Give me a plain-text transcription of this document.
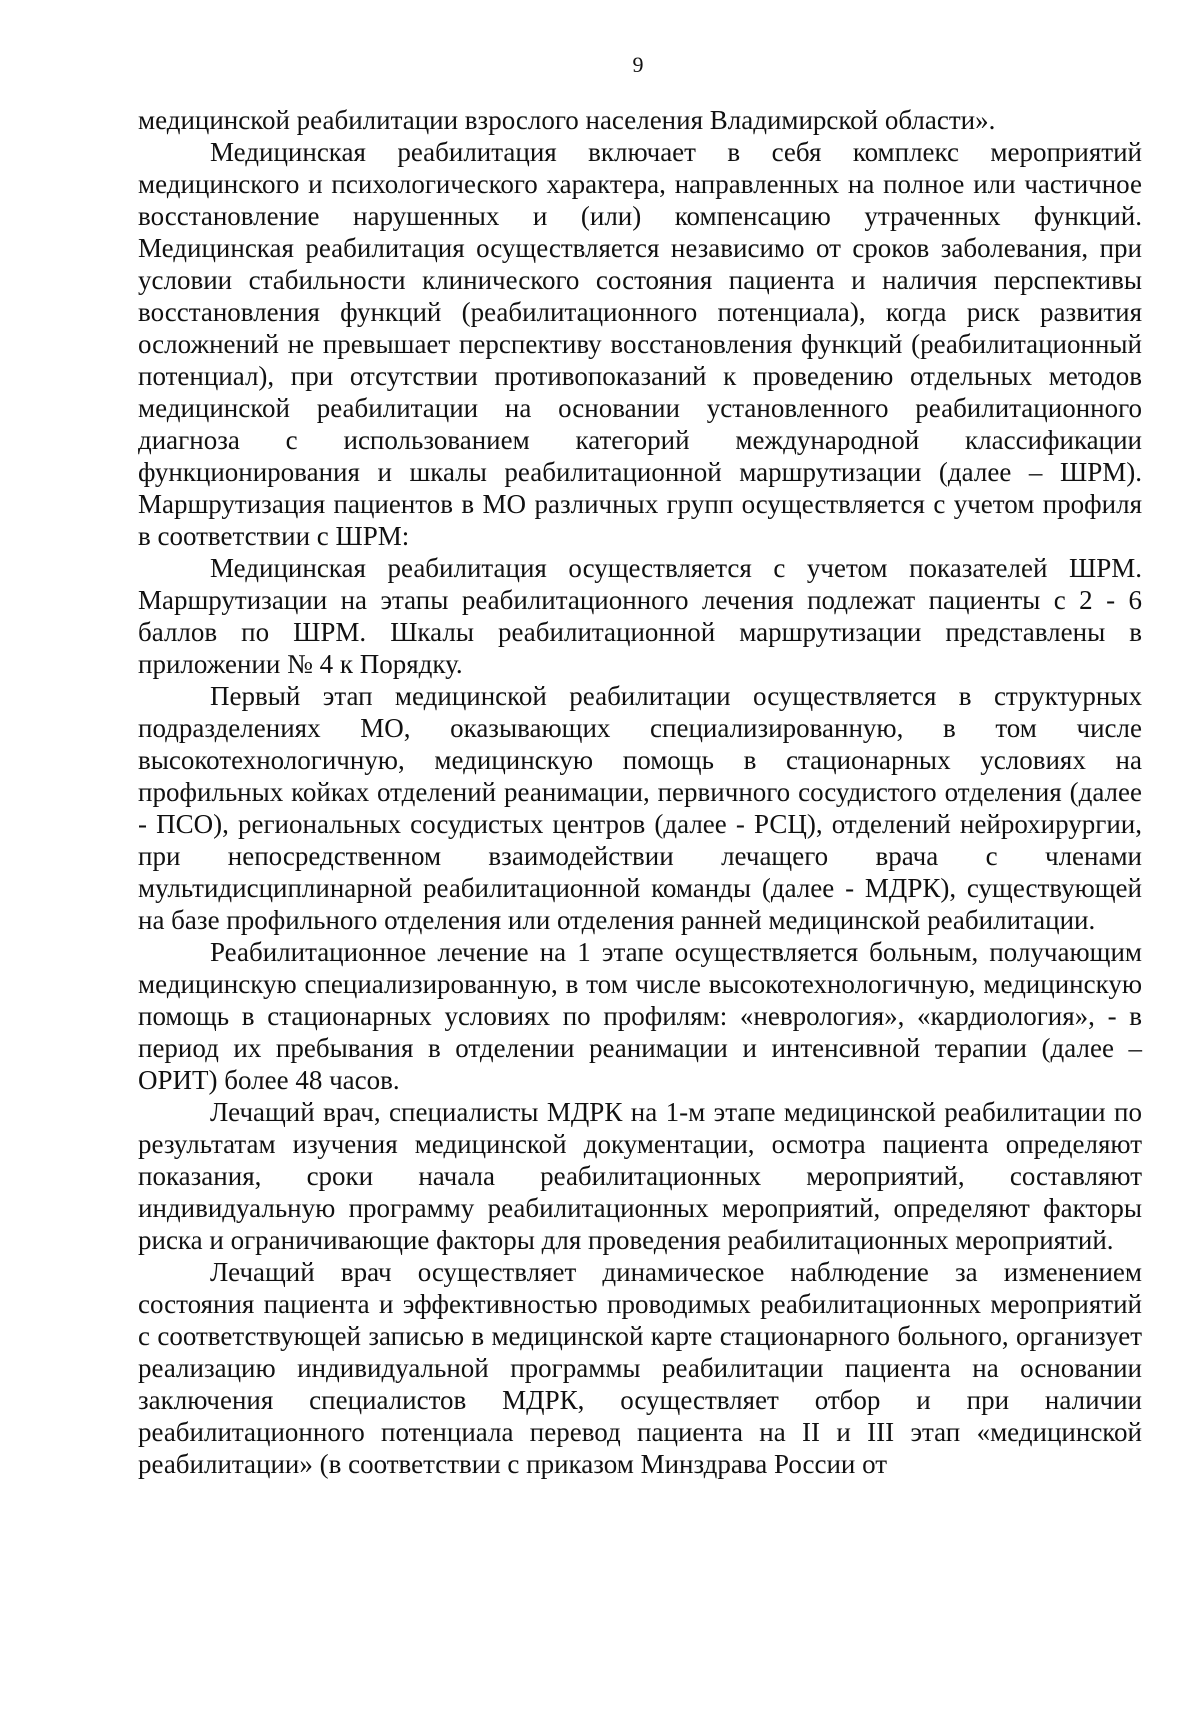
9

медицинской реабилитации взрослого населения Владимирской области».

Медицинская реабилитация включает в себя комплекс мероприятий медицинского и психологического характера, направленных на полное или частичное восстановление нарушенных и (или) компенсацию утраченных функций. Медицинская реабилитация осуществляется независимо от сроков заболевания, при условии стабильности клинического состояния пациента и наличия перспективы восстановления функций (реабилитационного потенциала), когда риск развития осложнений не превышает перспективу восстановления функций (реабилитационный потенциал), при отсутствии противопоказаний к проведению отдельных методов медицинской реабилитации на основании установленного реабилитационного диагноза с использованием категорий международной классификации функционирования и шкалы реабилитационной маршрутизации (далее – ШРМ). Маршрутизация пациентов в МО различных групп осуществляется с учетом профиля в соответствии с ШРМ:

Медицинская реабилитация осуществляется с учетом показателей ШРМ. Маршрутизации на этапы реабилитационного лечения подлежат пациенты с 2 - 6 баллов по ШРМ. Шкалы реабилитационной маршрутизации представлены в приложении № 4 к Порядку.

Первый этап медицинской реабилитации осуществляется в структурных подразделениях МО, оказывающих специализированную, в том числе высокотехнологичную, медицинскую помощь в стационарных условиях на профильных койках отделений реанимации, первичного сосудистого отделения (далее - ПСО), региональных сосудистых центров (далее - РСЦ), отделений нейрохирургии, при непосредственном взаимодействии лечащего врача с членами мультидисциплинарной реабилитационной команды (далее - МДРК), существующей на базе профильного отделения или отделения ранней медицинской реабилитации.

Реабилитационное лечение на 1 этапе осуществляется больным, получающим медицинскую специализированную, в том числе высокотехнологичную, медицинскую помощь в стационарных условиях по профилям: «неврология», «кардиология», - в период их пребывания в отделении реанимации и интенсивной терапии (далее – ОРИТ) более 48 часов.

Лечащий врач, специалисты МДРК на 1-м этапе медицинской реабилитации по результатам изучения медицинской документации, осмотра пациента определяют показания, сроки начала реабилитационных мероприятий, составляют индивидуальную программу реабилитационных мероприятий, определяют факторы риска и ограничивающие факторы для проведения реабилитационных мероприятий.

Лечащий врач осуществляет динамическое наблюдение за изменением состояния пациента и эффективностью проводимых реабилитационных мероприятий с соответствующей записью в медицинской карте стационарного больного, организует реализацию индивидуальной программы реабилитации пациента на основании заключения специалистов МДРК, осуществляет отбор и при наличии реабилитационного потенциала перевод пациента на II и III этап «медицинской реабилитации» (в соответствии с приказом Минздрава России от
